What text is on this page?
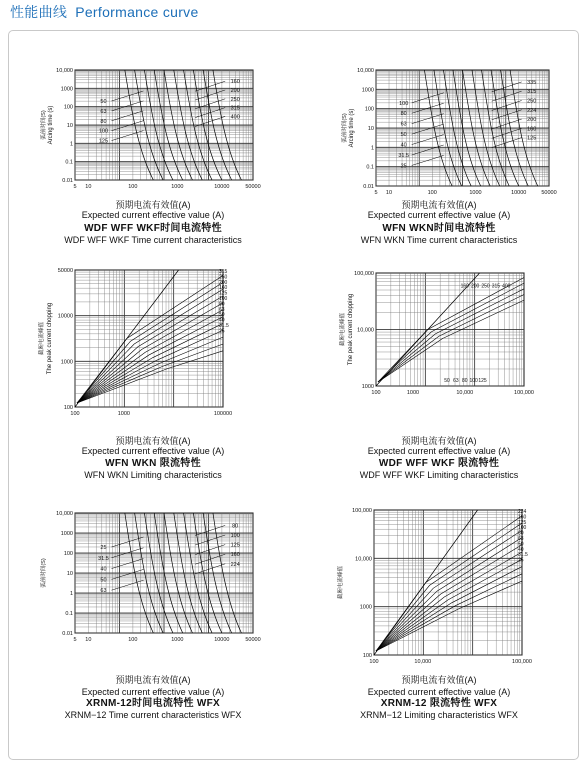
性能曲线 Performance curve
5 10	100	1000	10000	50000
10,000
1000
100
10
1
0.1
0.01
50
63
80
100
125
160
200
250
315
400
弧前时间(S) Arcing time (s)
预期电流有效值(A)
Expected current effective value (A)
WDF WFF WKF时间电流特性
WDF WFF WKF Time current characteristics
5 10	100	1000	10000	50000
10,000
1000
100
10
1
0.1
0.01
100
80
63
50
40
31.5
25
335
315
250
224
200
160
125
弧前时间(S) Arcing time (s)
预期电流有效值(A)
Expected current effective value (A)
WFN WKN时间电流特性
WFN WKN Time current characteristics
100	1000	100000
50000
10000
1000
100
315
250
200
160
125
100
80
63
50
40
31.5
25
截断电流峰值 The peak current chopping
预期电流有效值(A)
Expected current effective value (A)
WFN WKN 限流特性
WFN WKN Limiting characteristics
100	1000	10,000	100,000
100,000
10,000
1000
160 200 250 315 400
50 63 80 100 125
截断电流峰值 The peak current chopping
预期电流有效值(A)
Expected current effective value (A)
WDF WFF WKF 限流特性
WDF WFF WKF Limiting characteristics
5 10	100	1000	10000	50000
10,000
1000
100
10
1
0.1
0.01
25
31.5
40
50
63
80
100
125
160
224
弧前时间(S)
预期电流有效值(A)
Expected current effective value (A)
XRNM-12时间电流特性 WFX
XRNM−12 Time current characteristics WFX
100	10,000	100,000
100,000
10,000
1000
100
224
160
125
100
80
63
50
40
31.5
25
截断电流峰值
预期电流有效值(A)
Expected current effective value (A)
XRNM-12 限流特性 WFX
XRNM−12 Limiting characteristics WFX
